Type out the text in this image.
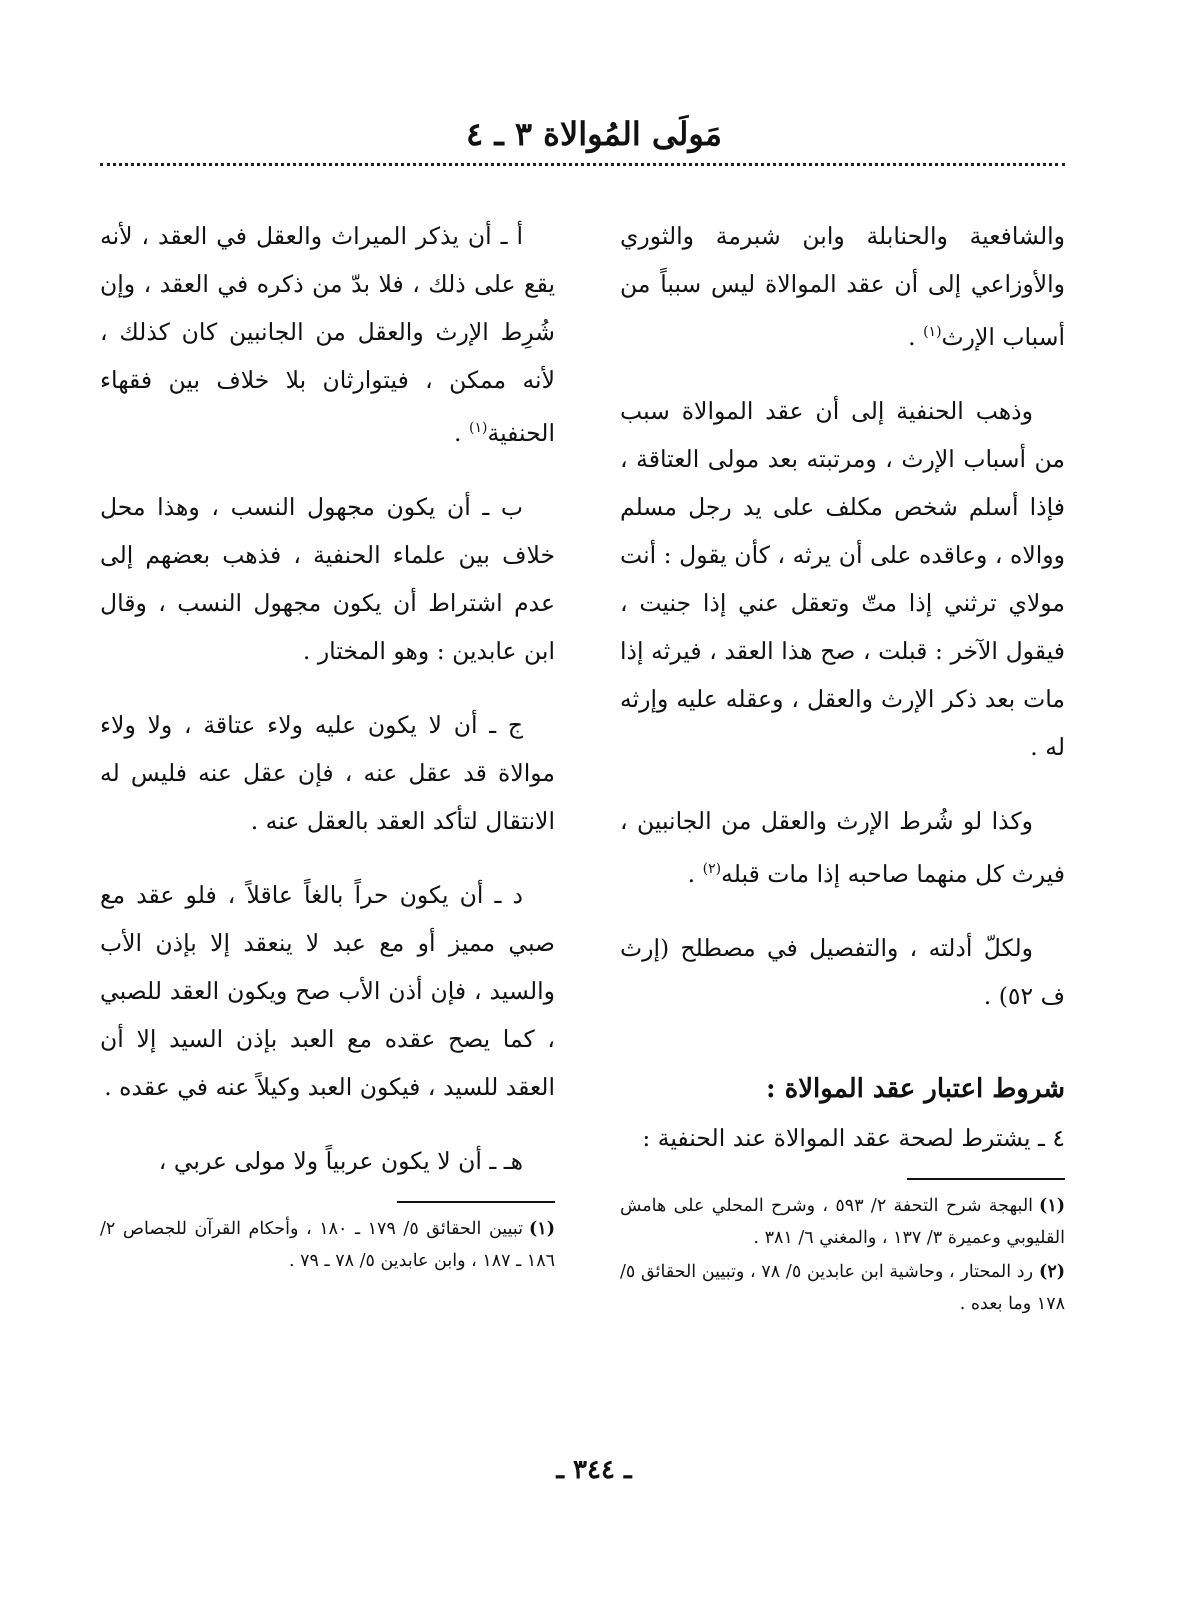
مَولَى المُوالاة ٣ ـ ٤

والشافعية والحنابلة وابن شبرمة والثوري والأوزاعي إلى أن عقد الموالاة ليس سبباً من أسباب الإرث$^{(١)}$ .

وذهب الحنفية إلى أن عقد الموالاة سبب من أسباب الإرث ، ومرتبته بعد مولى العتاقة ، فإذا أسلم شخص مكلف على يد رجل مسلم ووالاه ، وعاقده على أن يرثه ، كأن يقول : أنت مولاي ترثني إذا متّ وتعقل عني إذا جنيت ، فيقول الآخر : قبلت ، صح هذا العقد ، فيرثه إذا مات بعد ذكر الإرث والعقل ، وعقله عليه وإرثه له .

وكذا لو شُرط الإرث والعقل من الجانبين ، فيرث كل منهما صاحبه إذا مات قبله$^{(٢)}$ .

ولكلّ أدلته ، والتفصيل في مصطلح (إرث ف ٥٢) .

شروط اعتبار عقد الموالاة :

٤ ـ يشترط لصحة عقد الموالاة عند الحنفية :

(١)البهجة شرح التحفة ٢/ ٥٩٣ ، وشرح المحلي على هامش القليوبي وعميرة ٣/ ١٣٧ ، والمغني ٦/ ٣٨١ .

(٢)رد المحتار ، وحاشية ابن عابدين ٥/ ٧٨ ، وتبيين الحقائق ٥/ ١٧٨ وما بعده .

أ ـ أن يذكر الميراث والعقل في العقد ، لأنه يقع على ذلك ، فلا بدّ من ذكره في العقد ، وإن شُرِط الإرث والعقل من الجانبين كان كذلك ، لأنه ممكن ، فيتوارثان بلا خلاف بين فقهاء الحنفية$^{(١)}$ .

ب ـ أن يكون مجهول النسب ، وهذا محل خلاف بين علماء الحنفية ، فذهب بعضهم إلى عدم اشتراط أن يكون مجهول النسب ، وقال ابن عابدين : وهو المختار .

ج ـ أن لا يكون عليه ولاء عتاقة ، ولا ولاء موالاة قد عقل عنه ، فإن عقل عنه فليس له الانتقال لتأكد العقد بالعقل عنه .

د ـ أن يكون حراً بالغاً عاقلاً ، فلو عقد مع صبي مميز أو مع عبد لا ينعقد إلا بإذن الأب والسيد ، فإن أذن الأب صح ويكون العقد للصبي ، كما يصح عقده مع العبد بإذن السيد إلا أن العقد للسيد ، فيكون العبد وكيلاً عنه في عقده .

هـ ـ أن لا يكون عربياً ولا مولى عربي ،

(١)تبيين الحقائق ٥/ ١٧٩ ـ ١٨٠ ، وأحكام القرآن للجصاص ٢/ ١٨٦ ـ ١٨٧ ، وابن عابدين ٥/ ٧٨ ـ ٧٩ .

ـ ٣٤٤ ـ
